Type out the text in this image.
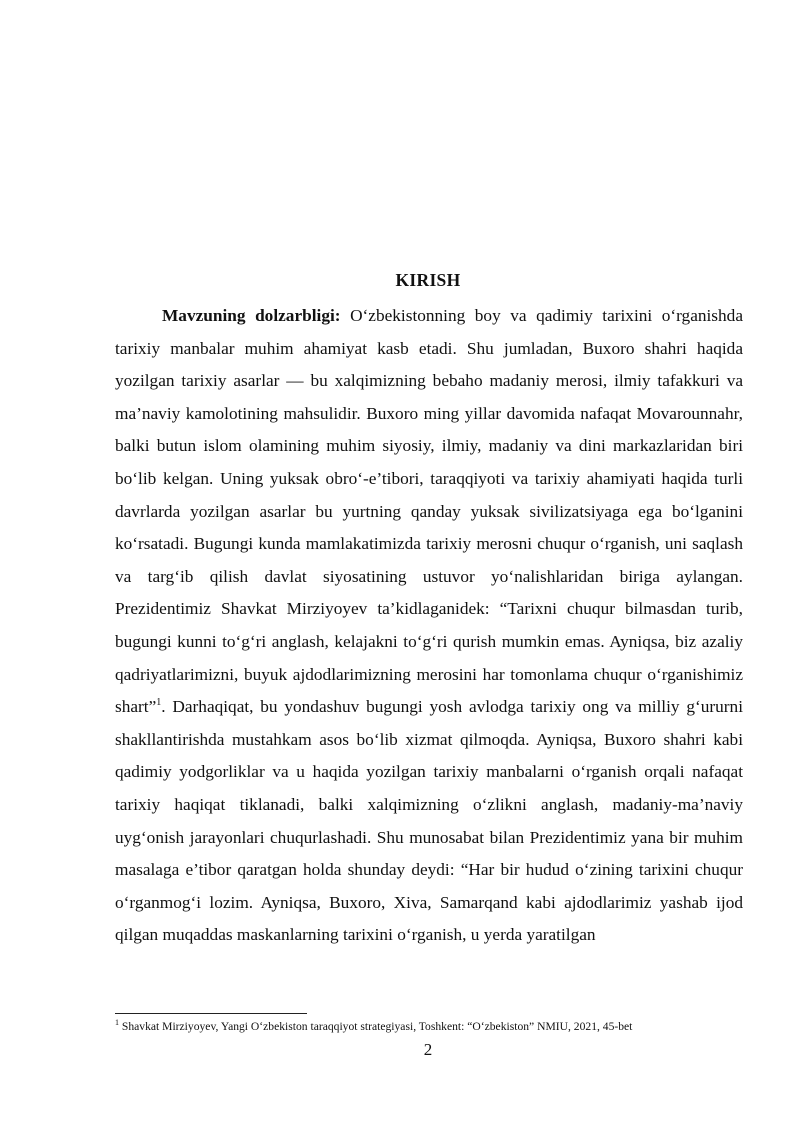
KIRISH

Mavzuning dolzarbligi: O‘zbekistonning boy va qadimiy tarixini o‘rganishda tarixiy manbalar muhim ahamiyat kasb etadi. Shu jumladan, Buxoro shahri haqida yozilgan tarixiy asarlar — bu xalqimizning bebaho madaniy merosi, ilmiy tafakkuri va ma’naviy kamolotining mahsulidir. Buxoro ming yillar davomida nafaqat Movarounnahr, balki butun islom olamining muhim siyosiy, ilmiy, madaniy va dini markazlaridan biri bo‘lib kelgan. Uning yuksak obro‘-e’tibori, taraqqiyoti va tarixiy ahamiyati haqida turli davrlarda yozilgan asarlar bu yurtning qanday yuksak sivilizatsiyaga ega bo‘lganini ko‘rsatadi. Bugungi kunda mamlakatimizda tarixiy merosni chuqur o‘rganish, uni saqlash va targ‘ib qilish davlat siyosatining ustuvor yo‘nalishlaridan biriga aylangan. Prezidentimiz Shavkat Mirziyoyev ta’kidlaganidek: “Tarixni chuqur bilmasdan turib, bugungi kunni to‘g‘ri anglash, kelajakni to‘g‘ri qurish mumkin emas. Ayniqsa, biz azaliy qadriyatlarimizni, buyuk ajdodlarimizning merosini har tomonlama chuqur o‘rganishimiz shart”$^1$. Darhaqiqat, bu yondashuv bugungi yosh avlodga tarixiy ong va milliy g‘ururni shakllantirishda mustahkam asos bo‘lib xizmat qilmoqda. Ayniqsa, Buxoro shahri kabi qadimiy yodgorliklar va u haqida yozilgan tarixiy manbalarni o‘rganish orqali nafaqat tarixiy haqiqat tiklanadi, balki xalqimizning o‘zlikni anglash, madaniy-ma’naviy uyg‘onish jarayonlari chuqurlashadi. Shu munosabat bilan Prezidentimiz yana bir muhim masalaga e’tibor qaratgan holda shunday deydi: “Har bir hudud o‘zining tarixini chuqur o‘rganmog‘i lozim. Ayniqsa, Buxoro, Xiva, Samarqand kabi ajdodlarimiz yashab ijod qilgan muqaddas maskanlarning tarixini o‘rganish, u yerda yaratilgan

$^1$ Shavkat Mirziyoyev, Yangi O‘zbekiston taraqqiyot strategiyasi, Toshkent: “O‘zbekiston” NMIU, 2021, 45-bet
2
